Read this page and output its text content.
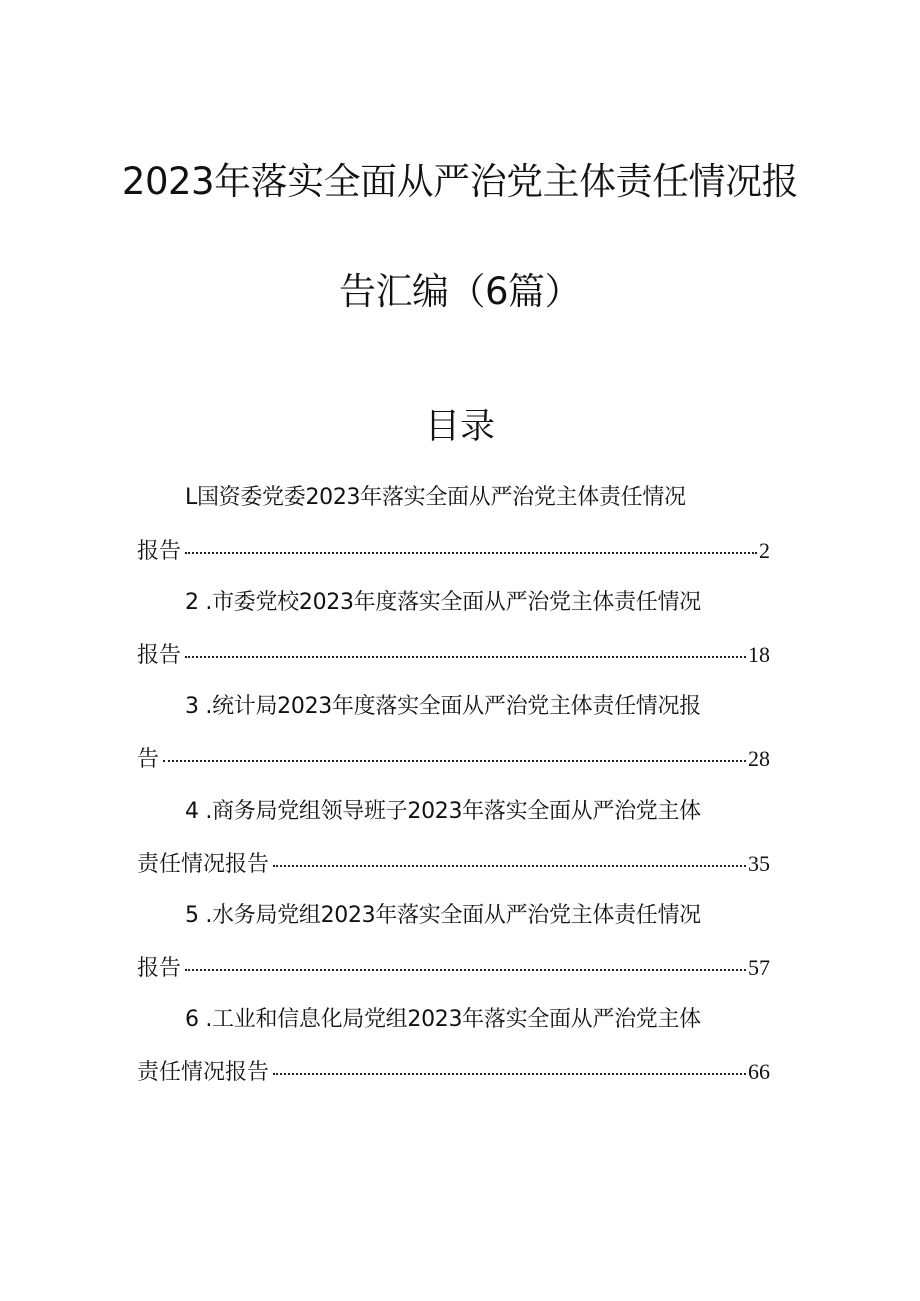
2023年落实全面从严治党主体责任情况报
告汇编（6篇）
目录
L国资委党委2023年落实全面从严治党主体责任情况
报告	2
2 .市委党校2023年度落实全面从严治党主体责任情况
报告	18
3 .统计局2023年度落实全面从严治党主体责任情况报
告	28
4 .商务局党组领导班子2023年落实全面从严治党主体
责任情况报告	35
5 .水务局党组2023年落实全面从严治党主体责任情况
报告	57
6 .工业和信息化局党组2023年落实全面从严治党主体
责任情况报告	66
